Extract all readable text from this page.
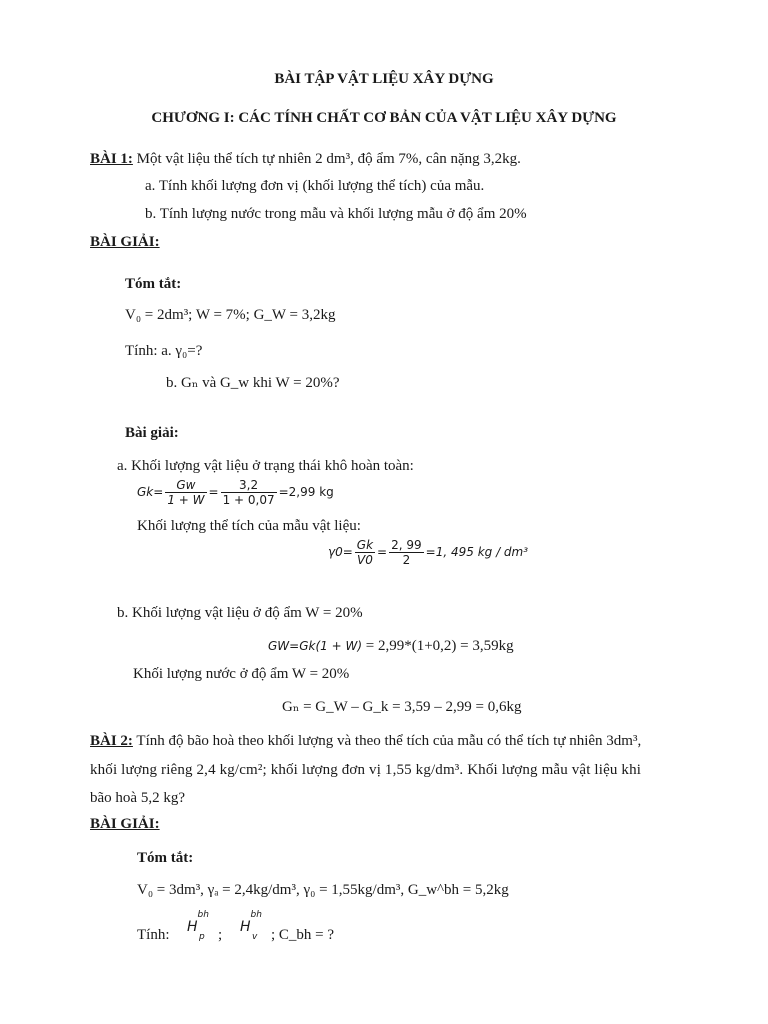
BÀI TẬP VẬT LIỆU XÂY DỰNG
CHƯƠNG I: CÁC TÍNH CHẤT CƠ BẢN CỦA VẬT LIỆU XÂY DỰNG
BÀI 1: Một vật liệu thể tích tự nhiên 2 dm³, độ ẩm 7%, cân nặng 3,2kg.
a. Tính khối lượng đơn vị (khối lượng thể tích) của mẫu.
b. Tính lượng nước trong mẫu và khối lượng mẫu ở độ ẩm 20%
BÀI GIẢI:
Tóm tắt:
V₀ = 2dm³; W = 7%; G_W = 3,2kg
Tính: a. γ₀=?
b. Gₙ và G_w khi W = 20%?
Bài giải:
a. Khối lượng vật liệu ở trạng thái khô hoàn toàn:
$Gk= \frac{Gw}{1 + W} = \frac{3,2}{1 + 0,07} =2,99$ kg
Khối lượng thể tích của mẫu vật liệu:
$\gamma 0= \frac{Gk}{V0} = \frac{2, 99}{2} =1$, 495 kg / dm³
b. Khối lượng vật liệu ở độ ẩm W = 20%
GW=Gk(1 + W) = 2,99*(1+0,2) = 3,59kg
Khối lượng nước ở độ ẩm W = 20%
Gₙ = G_W – G_k = 3,59 – 2,99 = 0,6kg
BÀI 2: Tính độ bão hoà theo khối lượng và theo thể tích của mẫu có thể tích tự nhiên 3dm³,
khối lượng riêng 2,4 kg/cm²; khối lượng đơn vị 1,55 kg/dm³. Khối lượng mẫu vật liệu khi
bão hoà 5,2 kg?
BÀI GIẢI:
Tóm tắt:
V₀ = 3dm³, γₐ = 2,4kg/dm³, γ₀ = 1,55kg/dm³, G_w^bh = 5,2kg
Tính: $H^{bh}_p$ ; $H^{bh}_v$ ; C_bh = ?
